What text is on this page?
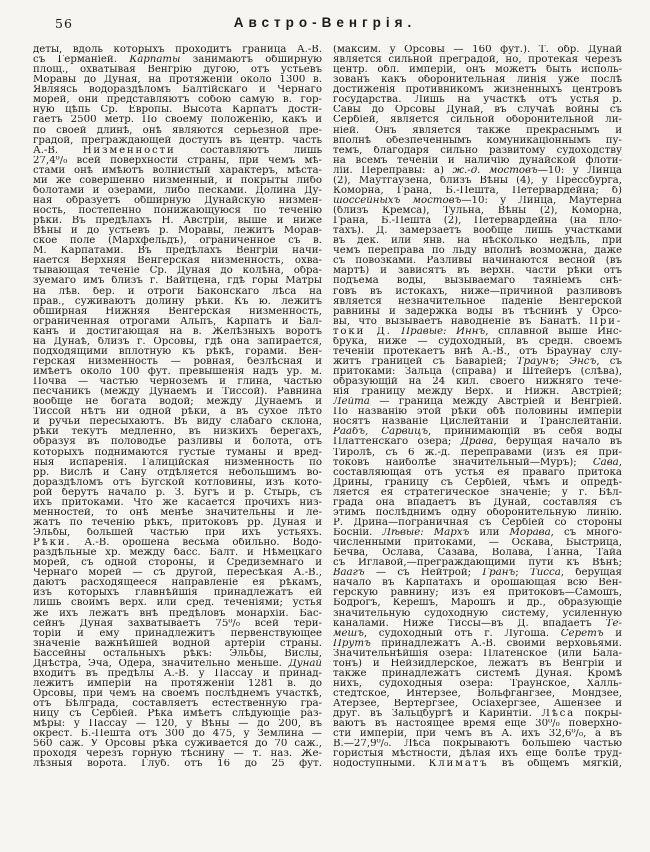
56	Австро-Венгрія.
деты, вдоль которыхъ проходитъ граница А.-В.
съ Германіей. Карпаты занимаютъ обширную
площ., охватывая Венгрію дугою, отъ устьевъ
Моравы до Дуная, на протяженіи около 1300 в.
Являясь водораздѣломъ Балтійскаго и Чернаго
морей, они представляютъ собою самую в. гор-
ную цѣпь Ср. Европы. Высота Карпатъ дости-
гаетъ 2500 метр. По своему положенію, какъ и
по своей длинѣ, онѣ являются серьезной пре-
градой, преграждающей доступъ въ центр. часть
А.-В. Низменности составляютъ лишь
27,4⁰/₀ всей поверхности страны, при чемъ мѣ-
стами онѣ имѣютъ волнистый характеръ, мѣста-
ми же совершенно низменный, и покрыты либо
болотами и озерами, либо песками. Долина Ду-
ная образуетъ обширную Дунайскую низмен-
ность, постепенно понижающуюся по теченію
рѣки. Въ предѣлахъ Н. Австріи, выше и ниже
Вѣны и до устьевъ р. Моравы, лежитъ Морав-
ское поле (Мархфельдъ), ограниченное съ в.
М. Карпатами. Въ предѣлахъ Венгріи начи-
нается Верхняя Венгерская низменность, охва-
тывающая теченіе Ср. Дуная до колѣна, обра-
зуемаго имъ близъ г. Вайтцена, гдѣ горы Матры
на лѣв. бер. и отроги Баконскаго лѣса на
прав., суживаютъ долину рѣки. Къ ю. лежитъ
обширная Нижняя Венгерская низменность,
ограниченная отрогами Альпъ, Карпатъ и Бал-
канъ и достигающая на в. Желѣзныхъ воротъ
на Дунаѣ, близъ г. Орсовы, гдѣ она запирается,
подходящими вплотную къ рѣкѣ, горами. Вен-
герская низменность — ровная, безлѣсная и
имѣетъ около 100 фут. превышенія надъ ур. м.
Почва — частью черноземъ и глина, частью
песчаникъ (между Дунаемъ и Тиссой). Равнина
вообще не богата водой; между Дунаемъ и
Тиссой нѣтъ ни одной рѣки, а въ сухое лѣто
и ручьи пересыхаютъ. Въ виду слабаго склона,
рѣки текутъ медленно, въ низкихъ берегахъ,
образуя въ половодье разливы и болота, отъ
которыхъ поднимаются густые туманы и вред-
ныя испаренія. Галиційская низменность по
рр. Вислѣ и Сану отдѣляется небольшимъ во-
дораздѣломъ отъ Бугской котловины, изъ кото-
рой берутъ начало р. З. Бугъ и р. Стырь, съ
ихъ притоками. Что же касается прочихъ низ-
менностей, то онѣ менѣе значительны и ле-
жатъ по теченію рѣкъ, притоковъ рр. Дуная и
Эльбы, большей частью при ихъ устьяхъ.
Рѣки. А.-В. орошена весьма обильно. Водо-
раздѣльные хр. между басс. Балт. и Нѣмецкаго
морей, съ одной стороны, и Средиземнаго и
Чернаго морей — съ другой, пересѣкая А.-В.,
даютъ расходящееся направленіе ея рѣкамъ,
изъ которыхъ главнѣйшія принадлежатъ ей
лишь своимъ верх. или сред. теченіями; устья
же ихъ лежатъ внѣ предѣловъ монархіи. Бас-
сейнъ Дуная захватываетъ 75⁰/₀ всей тери-
торіи и ему принадлежитъ первенствующее
значеніе важнѣйшей водной артеріи страны.
Бассейны остальныхъ рѣкъ: Эльбы, Вислы,
Днѣстра, Эча, Одера, значительно меньше. Дунай
входитъ въ предѣлы А.-В. у Пассау и принад-
лежитъ имперіи на протяженіи 1281 в. до
Орсовы, при чемъ на своемъ послѣднемъ участкѣ,
отъ Бѣлграда, составляетъ естественную гра-
ницу съ Сербіей. Рѣка имѣетъ слѣдующіе раз-
мѣры: у Пассау — 120, у Вѣны — до 200, въ
окрест. Б.-Пешта отъ 300 до 475, у Землина —
560 саж. У Орсовы рѣка суживается до 70 саж.,
проходя черезъ горную тѣснину — т. наз. Же-
лѣзныя ворота. Глуб. отъ 16 до 25 фут.
(максим. у Орсовы — 160 фут.). Т. обр. Дунай
является сильной преградой, но, протекая черезъ
центр. обл. имперіи, онъ можетъ быть исполь-
зованъ какъ оборонительная линія уже послѣ
достиженія противникомъ жизненныхъ центровъ
государства. Лишь на участкѣ отъ устья р.
Савы до Орсовы Дунай, въ случаѣ войны съ
Сербіей, является сильной оборонительной ли-
ніей. Онъ является также прекраснымъ и
вполнѣ обезпеченнымъ комуникаціоннымъ пу-
темъ, благодаря сильно развитому судоходству
на всемъ теченіи и наличію дунайской флоти-
ліи. Переправы: а) ж.-д. мостовъ—10: у Линца
(2), Маутгаузена, близъ Вѣны (4), у Прессбурга,
Коморна, Грана, Б.-Пешта, Петервардейна; б)
шоссейныхъ мостовъ—10: у Линца, Маутерна
(близъ Кремса), Тульна, Вѣны (2), Коморна,
Грана, Б.-Пешта (2), Петервардейна (на пло-
тахъ). Д. замерзаетъ вообще лишь участками
въ дек. или янв. на нѣсколько недѣль, при
чемъ переправа по льду вполнѣ возможна, даже
съ повозками. Разливы начинаются весной (въ
мартѣ) и зависятъ въ верхн. части рѣки отъ
подъема воды, вызываемаго таяніемъ снѣ-
говъ въ истокахъ, ниже—причиной разливовъ
является незначительное паденіе Венгерской
равнины и задержка воды въ тѣснинѣ у Орсо-
вы, что вызываетъ наводненіе въ Банатѣ. При-
токи Д. Правые: Иннъ, сплавной выше Инс-
брука, ниже — судоходный, въ средн. своемъ
теченіи протекаетъ внѣ А.-В., отъ Браунау слу-
житъ границей съ Баваріей; Траунъ; Энсъ, съ
притоками: Зальца (справа) и Штейеръ (слѣва),
образующій на 24 кил. своего нижняго тече-
нія границу между Верх. и Нижн. Австріей;
Лейта — граница между Австріей и Венгріей.
По названію этой рѣки обѣ половины имперіи
носятъ названіе Цислейтаніи и Транслейтаніи.
Раабъ, Сарвицъ, принимающій въ себя воды
Платтенскаго озера; Драва, берущая начало въ
Тиролѣ, съ 6 ж.-д. переправами (изъ ея при-
токовъ наиболѣе значительный—Муръ); Сава,
составляющая отъ устья ея праваго притока
Дрины, границу съ Сербіей, чѣмъ и опредѣ-
ляется ея стратегическое значеніе; у г. Бѣл-
града она впадаетъ въ Дунай, составляя съ
этимъ послѣднимъ одну оборонительную линію.
Р. Дрина—пограничная съ Сербіей со стороны
Босніи. Лѣвые: Мархъ или Морава, съ много-
численными притоками, — Оскава, Быстрица,
Бечва, Ослава, Сазава, Волава, Ганна, Тайа
съ Иглавой,—преграждающими пути къ Вѣнѣ;
Ваагъ — съ Нейтрой; Гранъ; Тисса, берущая
начало въ Карпатахъ и орошающая всю Вен-
герскую равнину; изъ ея притоковъ—Самошъ,
Бодрогъ, Керешъ, Марошъ и др., образующіе
значительную судоходную систему, усиленную
каналами. Ниже Тиссы—въ Д. впадаетъ Те-
мешъ, судоходный отъ г. Лугоша. Серетъ и
Прутъ принадлежатъ А.-В. своими верховьями.
Значительнѣйшія озера: Платенское (или Бала-
тонъ) и Нейзидлерское, лежатъ въ Венгріи и
также принадлежатъ системѣ Дуная. Кромѣ
нихъ, судоходныя озера: Траунское, Халль-
стедтское, Интерзее, Вольфгангзее, Мондзее,
Атерзее, Вертергзее, Осіахергзее, Ашензее и
друг. въ Зальцбургѣ и Каринтіи. Лѣса покры-
ваютъ въ настоящее время еще 30⁰/₀ поверхно-
сти имперіи, при чемъ въ А. ихъ 32,6⁰/₀, а въ
В.—27,9⁰/₀. Лѣса покрываютъ большею частью
гористыя мѣстности, дѣлая ихъ еще болѣе труд-
нодоступными. Климатъ въ общемъ мягкій,
